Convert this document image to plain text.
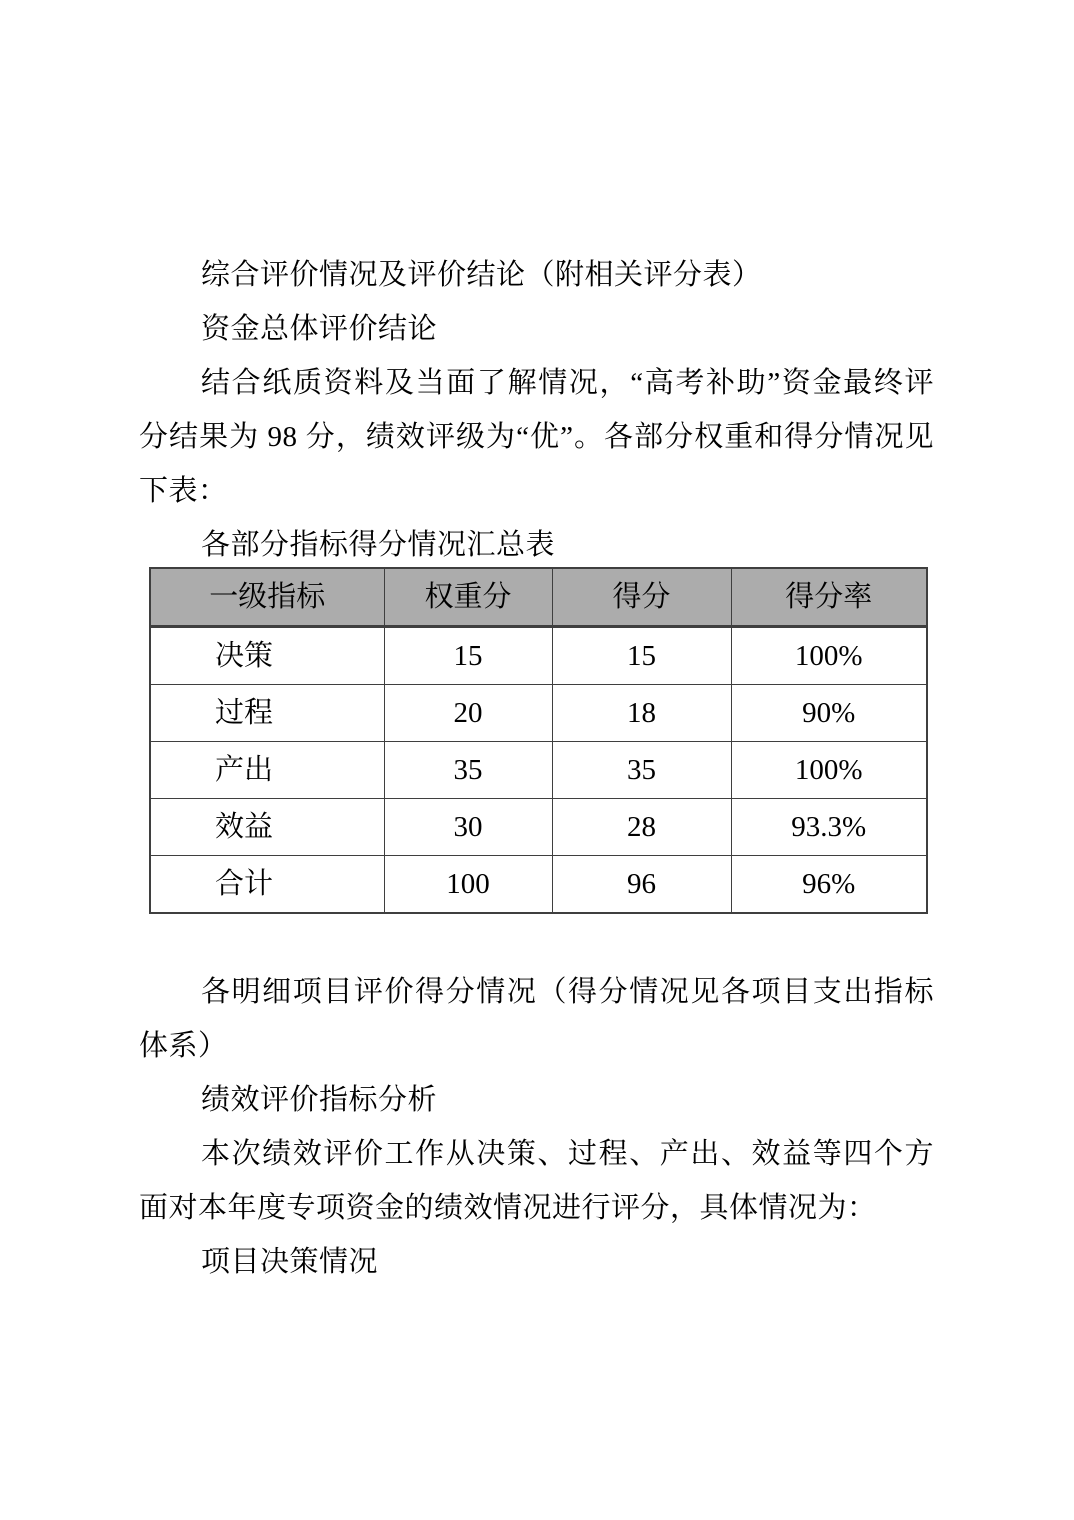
综合评价情况及评价结论（附相关评分表）

资金总体评价结论

结合纸质资料及当面了解情况，“高考补助”资金最终评分结果为 98 分，绩效评级为“优”。各部分权重和得分情况见下表：

各部分指标得分情况汇总表

一级指标	权重分	得分	得分率
决策	15	15	100%
过程	20	18	90%
产出	35	35	100%
效益	30	28	93.3%
合计	100	96	96%

各明细项目评价得分情况（得分情况见各项目支出指标体系）

绩效评价指标分析

本次绩效评价工作从决策、过程、产出、效益等四个方面对本年度专项资金的绩效情况进行评分，具体情况为：

项目决策情况
